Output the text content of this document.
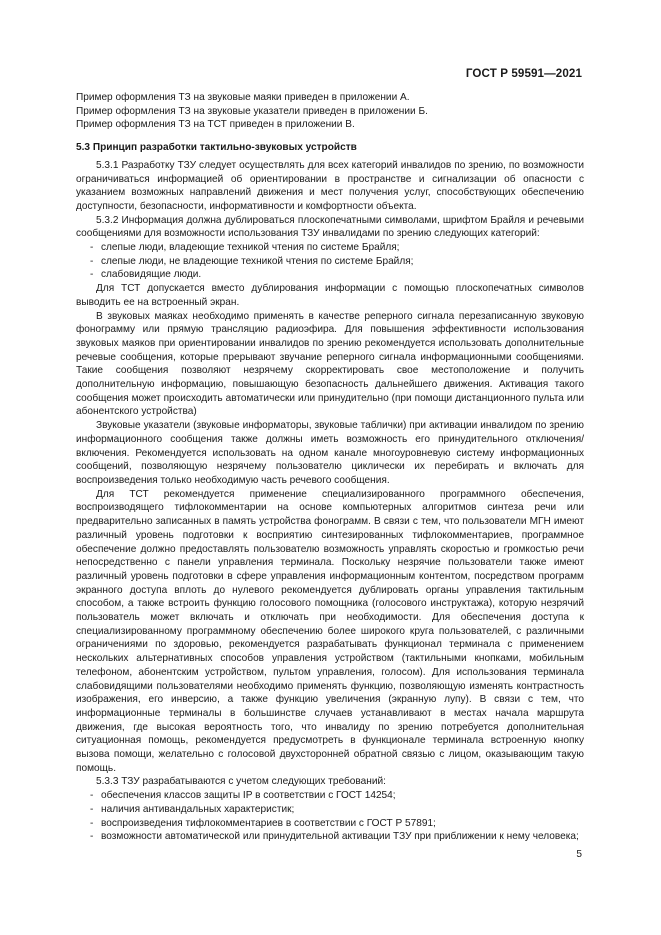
ГОСТ Р 59591—2021

Пример оформления ТЗ на звуковые маяки приведен в приложении А.

Пример оформления ТЗ на звуковые указатели приведен в приложении Б.

Пример оформления ТЗ на ТСТ приведен в приложении В.

5.3 Принцип разработки тактильно-звуковых устройств

5.3.1 Разработку ТЗУ следует осуществлять для всех категорий инвалидов по зрению, по возможности ограничиваться информацией об ориентировании в пространстве и сигнализации об опасности с указанием возможных направлений движения и мест получения услуг, способствующих обеспечению доступности, безопасности, информативности и комфортности объекта.

5.3.2 Информация должна дублироваться плоскопечатными символами, шрифтом Брайля и речевыми сообщениями для возможности использования ТЗУ инвалидами по зрению следующих категорий:

- слепые люди, владеющие техникой чтения по системе Брайля;

- слепые люди, не владеющие техникой чтения по системе Брайля;

- слабовидящие люди.

Для ТСТ допускается вместо дублирования информации с помощью плоскопечатных символов выводить ее на встроенный экран.

В звуковых маяках необходимо применять в качестве реперного сигнала перезаписанную звуковую фонограмму или прямую трансляцию радиоэфира. Для повышения эффективности использования звуковых маяков при ориентировании инвалидов по зрению рекомендуется использовать дополнительные речевые сообщения, которые прерывают звучание реперного сигнала информационными сообщениями. Такие сообщения позволяют незрячему скорректировать свое местоположение и получить дополнительную информацию, повышающую безопасность дальнейшего движения. Активация такого сообщения может происходить автоматически или принудительно (при помощи дистанционного пульта или абонентского устройства)

Звуковые указатели (звуковые информаторы, звуковые таблички) при активации инвалидом по зрению информационного сообщения также должны иметь возможность его принудительного отключения/включения. Рекомендуется использовать на одном канале многоуровневую систему информационных сообщений, позволяющую незрячему пользователю циклически их перебирать и включать для воспроизведения только необходимую часть речевого сообщения.

Для ТСТ рекомендуется применение специализированного программного обеспечения, воспроизводящего тифлокомментарии на основе компьютерных алгоритмов синтеза речи или предварительно записанных в память устройства фонограмм. В связи с тем, что пользователи МГН имеют различный уровень подготовки к восприятию синтезированных тифлокомментариев, программное обеспечение должно предоставлять пользователю возможность управлять скоростью и громкостью речи непосредственно с панели управления терминала. Поскольку незрячие пользователи также имеют различный уровень подготовки в сфере управления информационным контентом, посредством программ экранного доступа вплоть до нулевого рекомендуется дублировать органы управления тактильным способом, а также встроить функцию голосового помощника (голосового инструктажа), которую незрячий пользователь может включать и отключать при необходимости. Для обеспечения доступа к специализированному программному обеспечению более широкого круга пользователей, с различными ограничениями по здоровью, рекомендуется разрабатывать функционал терминала с применением нескольких альтернативных способов управления устройством (тактильными кнопками, мобильным телефоном, абонентским устройством, пультом управления, голосом). Для использования терминала слабовидящими пользователями необходимо применять функцию, позволяющую изменять контрастность изображения, его инверсию, а также функцию увеличения (экранную лупу). В связи с тем, что информационные терминалы в большинстве случаев устанавливают в местах начала маршрута движения, где высокая вероятность того, что инвалиду по зрению потребуется дополнительная ситуационная помощь, рекомендуется предусмотреть в функционале терминала встроенную кнопку вызова помощи, желательно с голосовой двухсторонней обратной связью с лицом, оказывающим такую помощь.

5.3.3 ТЗУ разрабатываются с учетом следующих требований:

- обеспечения классов защиты IP в соответствии с ГОСТ 14254;

- наличия антивандальных характеристик;

- воспроизведения тифлокомментариев в соответствии с ГОСТ Р 57891;

- возможности автоматической или принудительной активации ТЗУ при приближении к нему человека;

5
